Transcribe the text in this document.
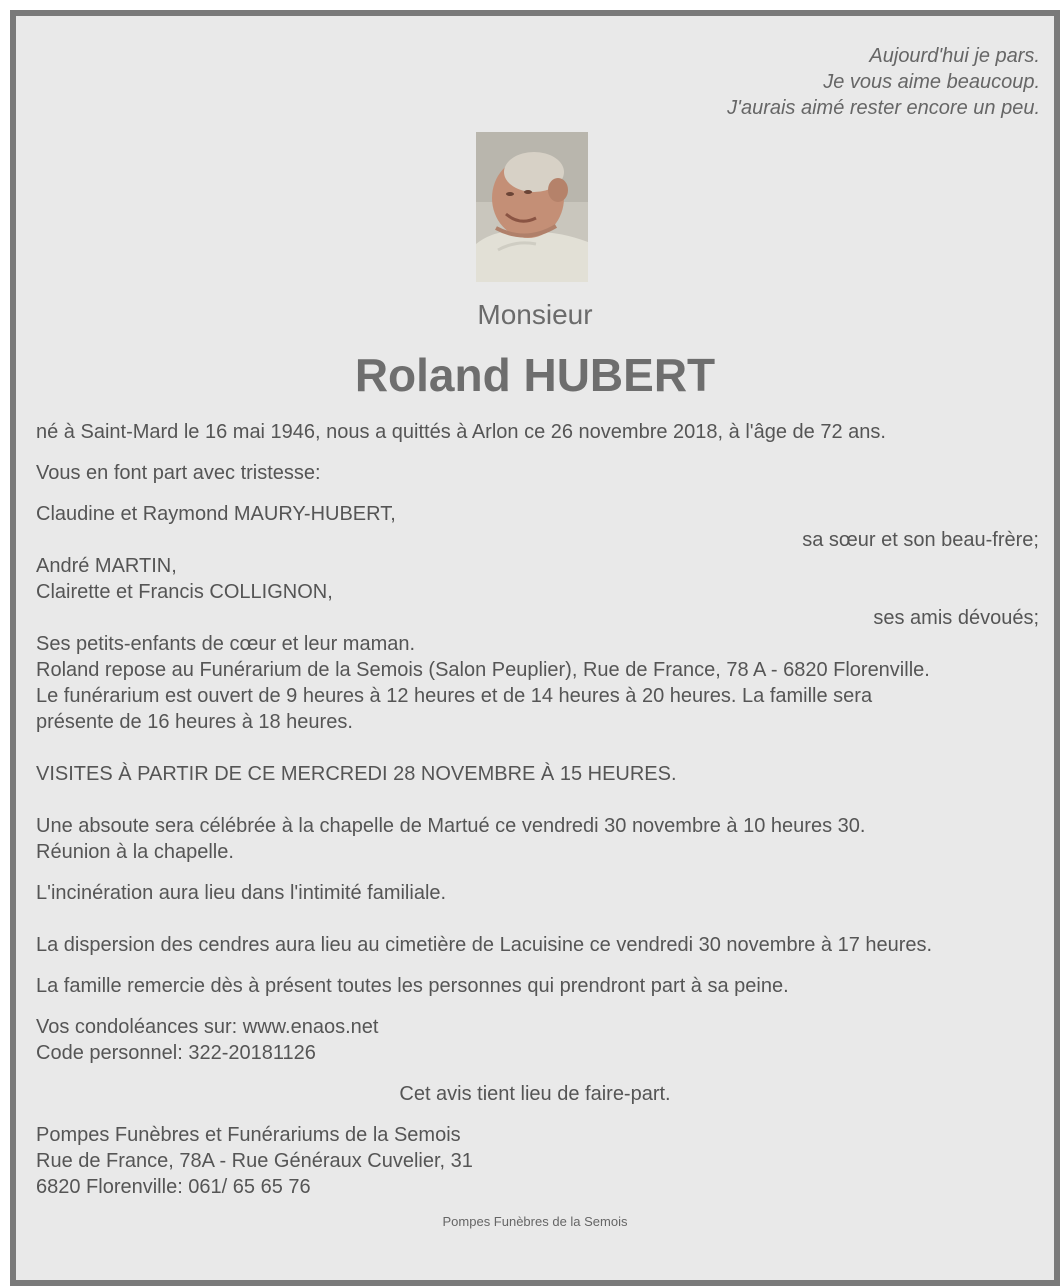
Aujourd'hui je pars.
Je vous aime beaucoup.
J'aurais aimé rester encore un peu.
Monsieur
Roland HUBERT
né à Saint-Mard le 16 mai 1946, nous a quittés à Arlon ce 26 novembre 2018, à l'âge de 72 ans.
Vous en font part avec tristesse:
Claudine et Raymond MAURY-HUBERT,
sa sœur et son beau-frère;
André MARTIN,
Clairette et Francis COLLIGNON,
ses amis dévoués;
Ses petits-enfants de cœur et leur maman.
Roland repose au Funérarium de la Semois (Salon Peuplier), Rue de France, 78 A - 6820 Florenville.
Le funérarium est ouvert de 9 heures à 12 heures et de 14 heures à 20 heures. La famille sera
présente de 16 heures à 18 heures.
VISITES À PARTIR DE CE MERCREDI 28 NOVEMBRE À 15 HEURES.
Une absoute sera célébrée à la chapelle de Martué ce vendredi 30 novembre à 10 heures 30.
Réunion à la chapelle.
L'incinération aura lieu dans l'intimité familiale.
La dispersion des cendres aura lieu au cimetière de Lacuisine ce vendredi 30 novembre à 17 heures.
La famille remercie dès à présent toutes les personnes qui prendront part à sa peine.
Vos condoléances sur: www.enaos.net
Code personnel: 322-20181126
Cet avis tient lieu de faire-part.
Pompes Funèbres et Funérariums de la Semois
Rue de France, 78A - Rue Généraux Cuvelier, 31
6820 Florenville: 061/ 65 65 76
Pompes Funèbres de la Semois
